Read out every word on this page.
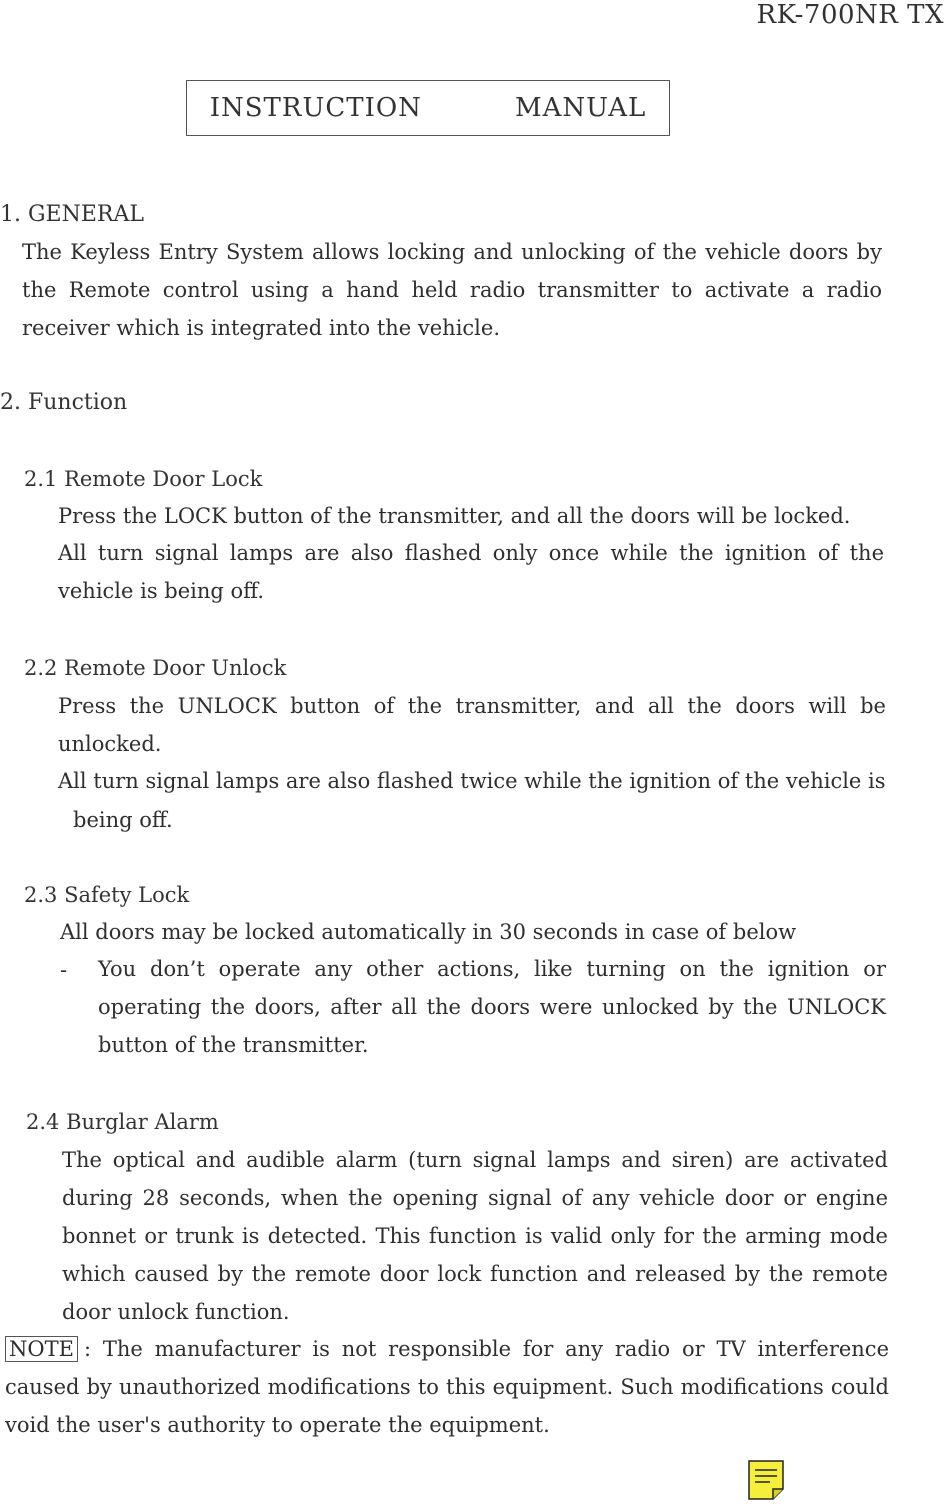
RK-700NR TX
INSTRUCTION    MANUAL
1. GENERAL
The Keyless Entry System allows locking and unlocking of the vehicle doors by the Remote control using a hand held radio transmitter to activate a radio receiver which is integrated into the vehicle.
2. Function
2.1 Remote Door Lock
Press the LOCK button of the transmitter, and all the doors will be locked.
All turn signal lamps are also flashed only once while the ignition of the vehicle is being off.
2.2 Remote Door Unlock
Press the UNLOCK button of the transmitter, and all the doors will be unlocked.
All turn signal lamps are also flashed twice while the ignition of the vehicle is
being off.
2.3 Safety Lock
All doors may be locked automatically in 30 seconds in case of below
- You don’t operate any other actions, like turning on the ignition or operating the doors, after all the doors were unlocked by the UNLOCK button of the transmitter.
2.4 Burglar Alarm
The optical and audible alarm (turn signal lamps and siren) are activated during 28 seconds, when the opening signal of any vehicle door or engine bonnet or trunk is detected. This function is valid only for the arming mode which caused by the remote door lock function and released by the remote door unlock function.
NOTE : The manufacturer is not responsible for any radio or TV interference caused by unauthorized modifications to this equipment. Such modifications could void the user's authority to operate the equipment.
